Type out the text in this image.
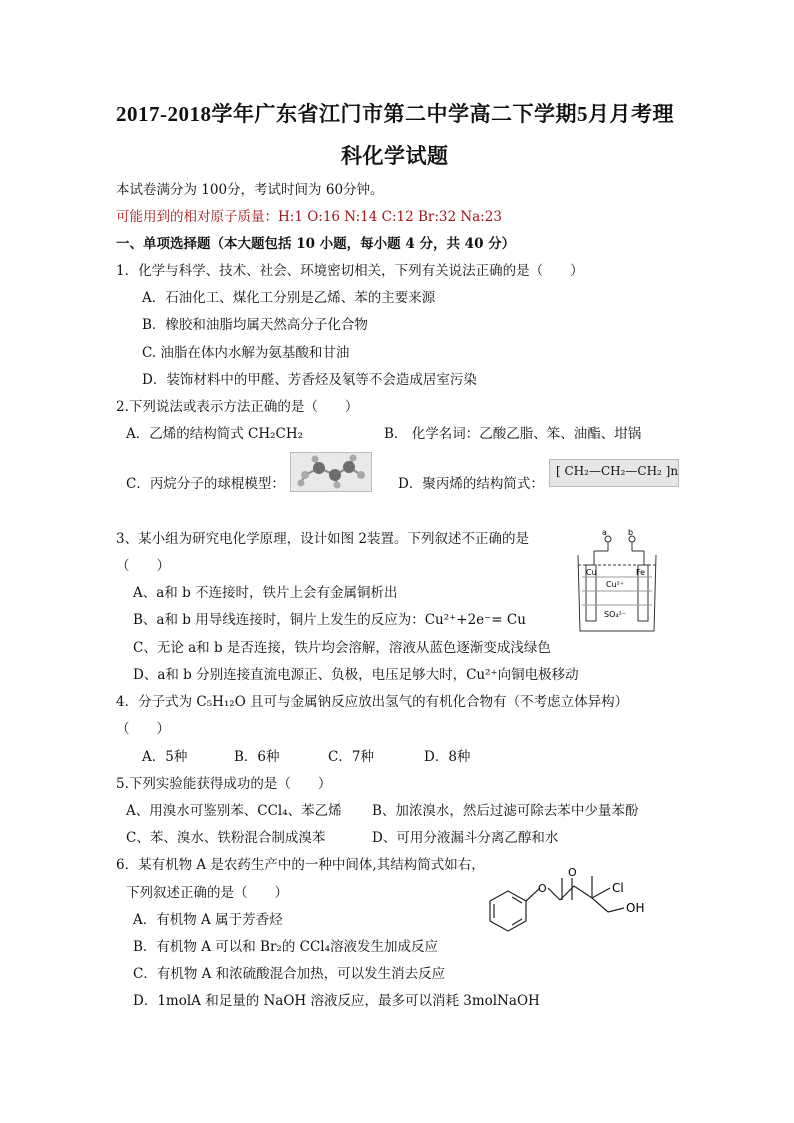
2017-2018学年广东省江门市第二中学高二下学期5月月考理
科化学试题
本试卷满分为 100分，考试时间为 60分钟。
可能用到的相对原子质量：H:1 O:16 N:14 C:12 Br:32 Na:23
一、单项选择题（本大题包括 10 小题，每小题 4 分，共 40 分）
1．化学与科学、技术、社会、环境密切相关，下列有关说法正确的是（　　）
A．石油化工、煤化工分别是乙烯、苯的主要来源
B．橡胶和油脂均属天然高分子化合物
C. 油脂在体内水解为氨基酸和甘油
D．装饰材料中的甲醛、芳香烃及氡等不会造成居室污染
2.下列说法或表示方法正确的是（　　）
A．乙烯的结构简式 CH₂CH₂	B． 化学名词：乙酸乙脂、笨、油酯、坩锅
C．丙烷分子的球棍模型：	D．聚丙烯的结构简式：
[ CH₂—CH₂—CH₂ ]n
3、某小组为研究电化学原理，设计如图 2装置。下列叙述不正确的是
（　　）
A、a和 b 不连接时，铁片上会有金属铜析出
B、a和 b 用导线连接时，铜片上发生的反应为：Cu²⁺+2e⁻= Cu
C、无论 a和 b 是否连接，铁片均会溶解，溶液从蓝色逐渐变成浅绿色
D、a和 b 分别连接直流电源正、负极，电压足够大时，Cu²⁺向铜电极移动
a	b
Cu	Fe
Cu²⁺
SO₄²⁻
4．分子式为 C₅H₁₂O 且可与金属钠反应放出氢气的有机化合物有（不考虑立体异构）
（　　）
A．5种	B．6种	C．7种	D．8种
5.下列实验能获得成功的是（　　）
A、用溴水可鉴别苯、CCl₄、苯乙烯 B、加浓溴水，然后过滤可除去苯中少量苯酚
C、苯、溴水、铁粉混合制成溴苯	D、可用分液漏斗分离乙醇和水
6．某有机物 A 是农药生产中的一种中间体,其结构简式如右，
下列叙述正确的是（　　）
A．有机物 A 属于芳香烃
B．有机物 A 可以和 Br₂的 CCl₄溶液发生加成反应
C．有机物 A 和浓硫酸混合加热，可以发生消去反应
D．1molA 和足量的 NaOH 溶液反应，最多可以消耗 3molNaOH
O
O
Cl
OH
